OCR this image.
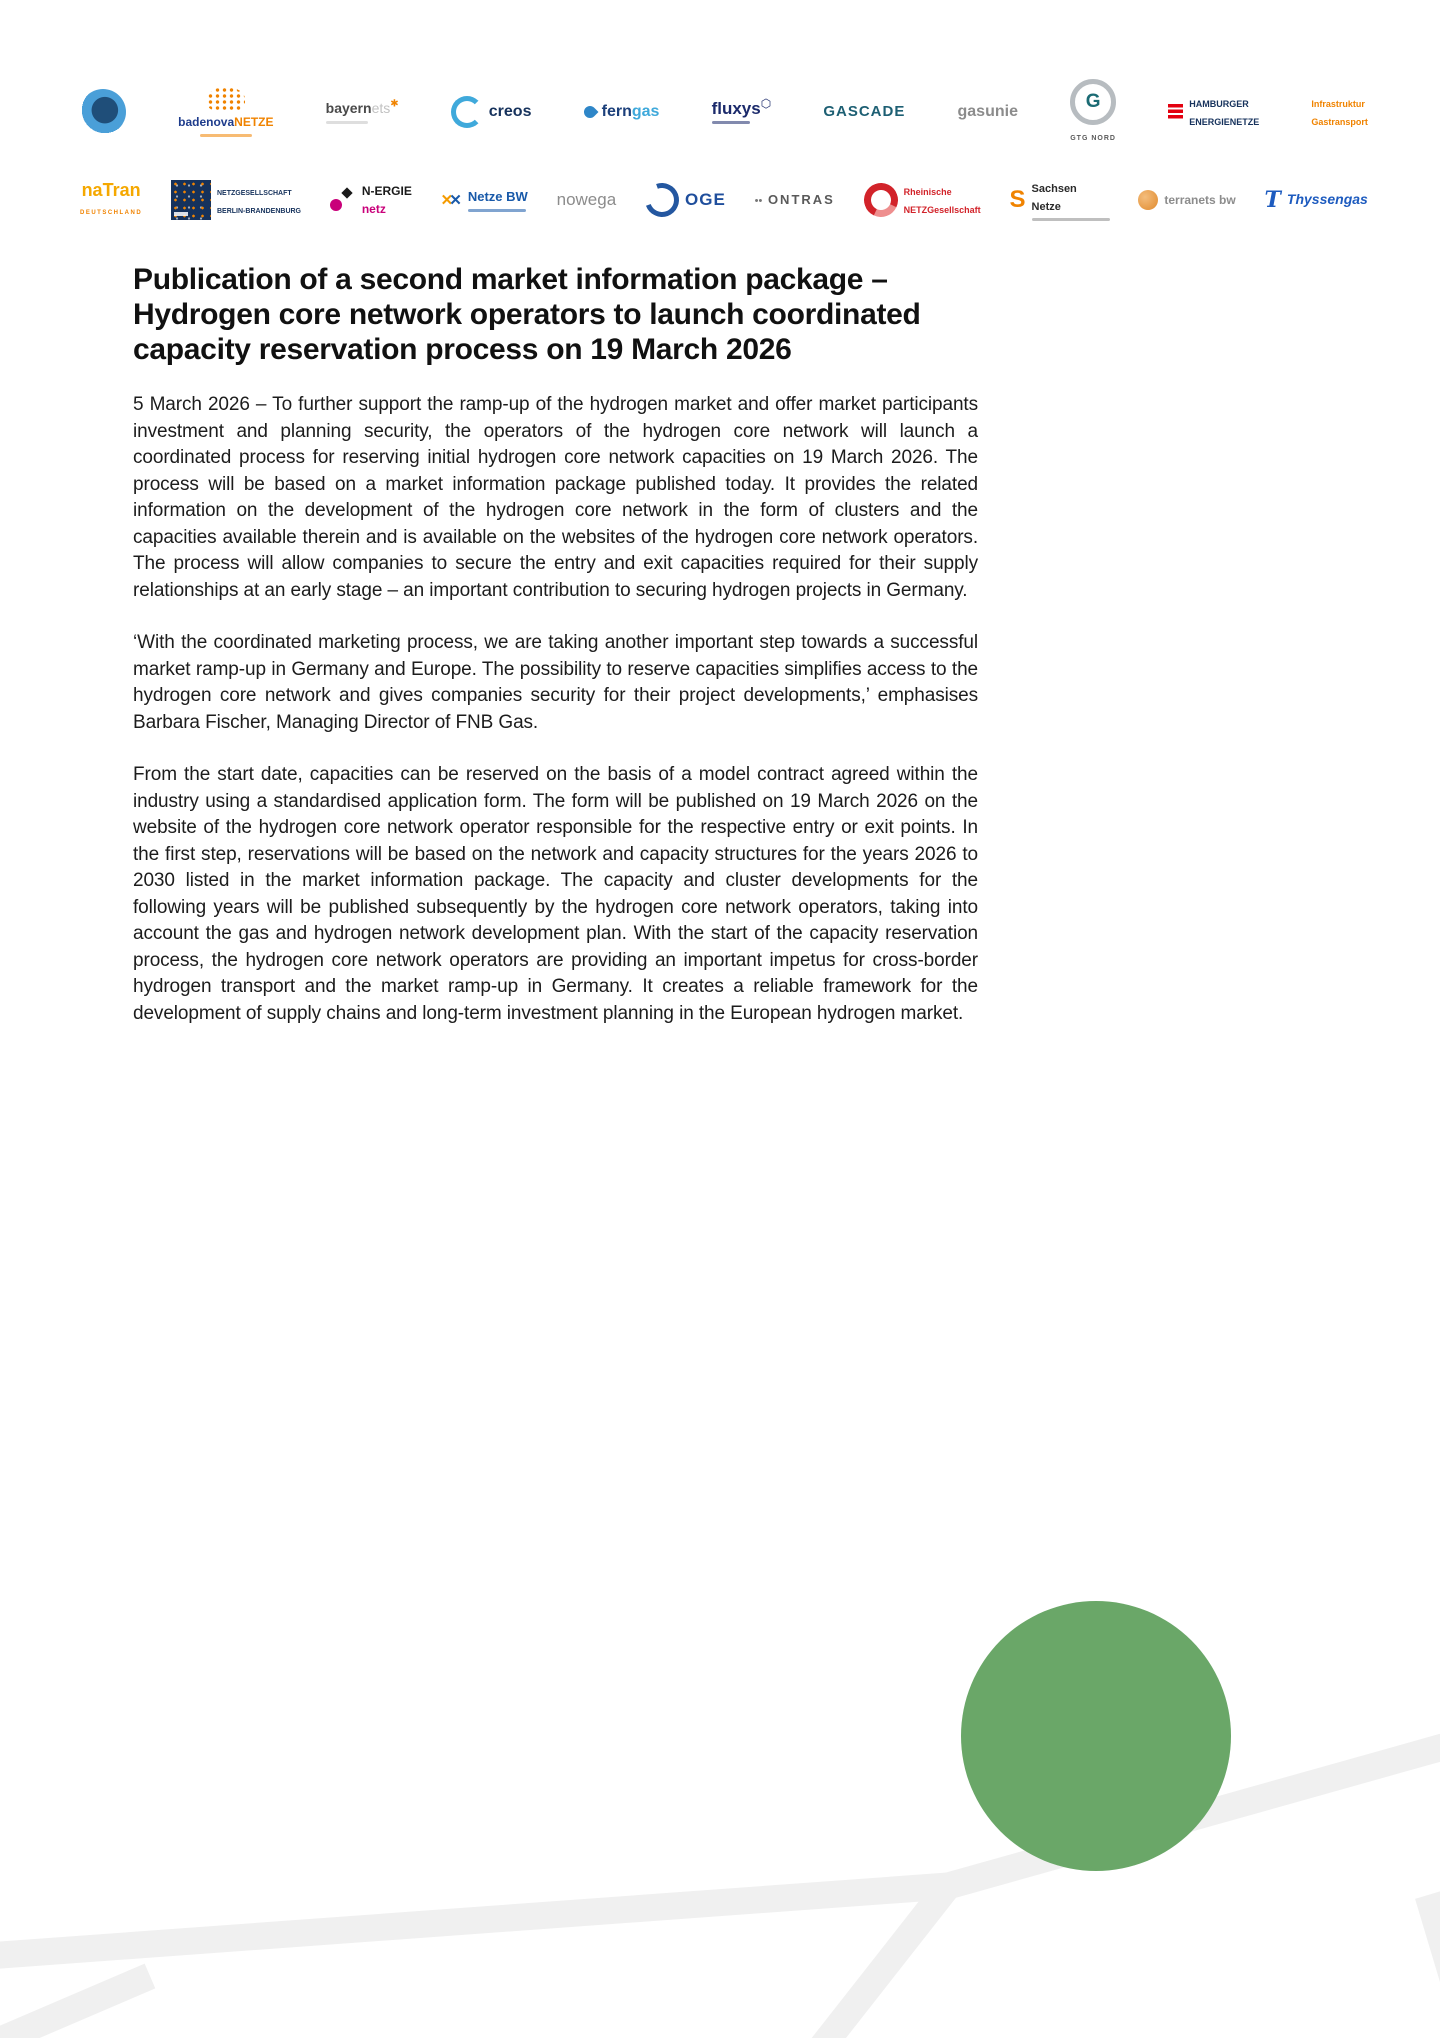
badenovaNETZE
bayernets✱	creos	ferngas	fluxys⬡	GASCADE	gasunie
G
GTG NORD
HAMBURGER
ENERGIENETZE
Infrastruktur
Gastransport
naTran
DEUTSCHLAND
NETZGESELLSCHAFT
BERLIN-BRANDENBURG
N-ERGIE
netz
✕ ✕
Netze BW nowega	OGE	•• ONTRAS	Rheinische
NETZGesellschaft
S
Sachsen
Netze	terranets bw T	Thyssengas
Publication of a second market information package –
Hydrogen core network operators to launch coordinated
capacity reservation process on 19 March 2026

5 March 2026 – To further support the ramp-up of the hydrogen market and offer market participants investment and planning security, the operators of the hydrogen core network will launch a coordinated process for reserving initial hydrogen core network capacities on 19 March 2026. The process will be based on a market information package published today. It provides the related information on the development of the hydrogen core network in the form of clusters and the capacities available therein and is available on the websites of the hydrogen core network operators. The process will allow companies to secure the entry and exit capacities required for their supply relationships at an early stage – an important contribution to securing hydrogen projects in Germany.

‘With the coordinated marketing process, we are taking another important step towards a successful market ramp-up in Germany and Europe. The possibility to reserve capacities simplifies access to the hydrogen core network and gives companies security for their project developments,’ emphasises Barbara Fischer, Managing Director of FNB Gas.

From the start date, capacities can be reserved on the basis of a model contract agreed within the industry using a standardised application form. The form will be published on 19 March 2026 on the website of the hydrogen core network operator responsible for the respective entry or exit points. In the first step, reservations will be based on the network and capacity structures for the years 2026 to 2030 listed in the market information package. The capacity and cluster developments for the following years will be published subsequently by the hydrogen core network operators, taking into account the gas and hydrogen network development plan. With the start of the capacity reservation process, the hydrogen core network operators are providing an important impetus for cross-border hydrogen transport and the market ramp-up in Germany. It creates a reliable framework for the development of supply chains and long-term investment planning in the European hydrogen market.
